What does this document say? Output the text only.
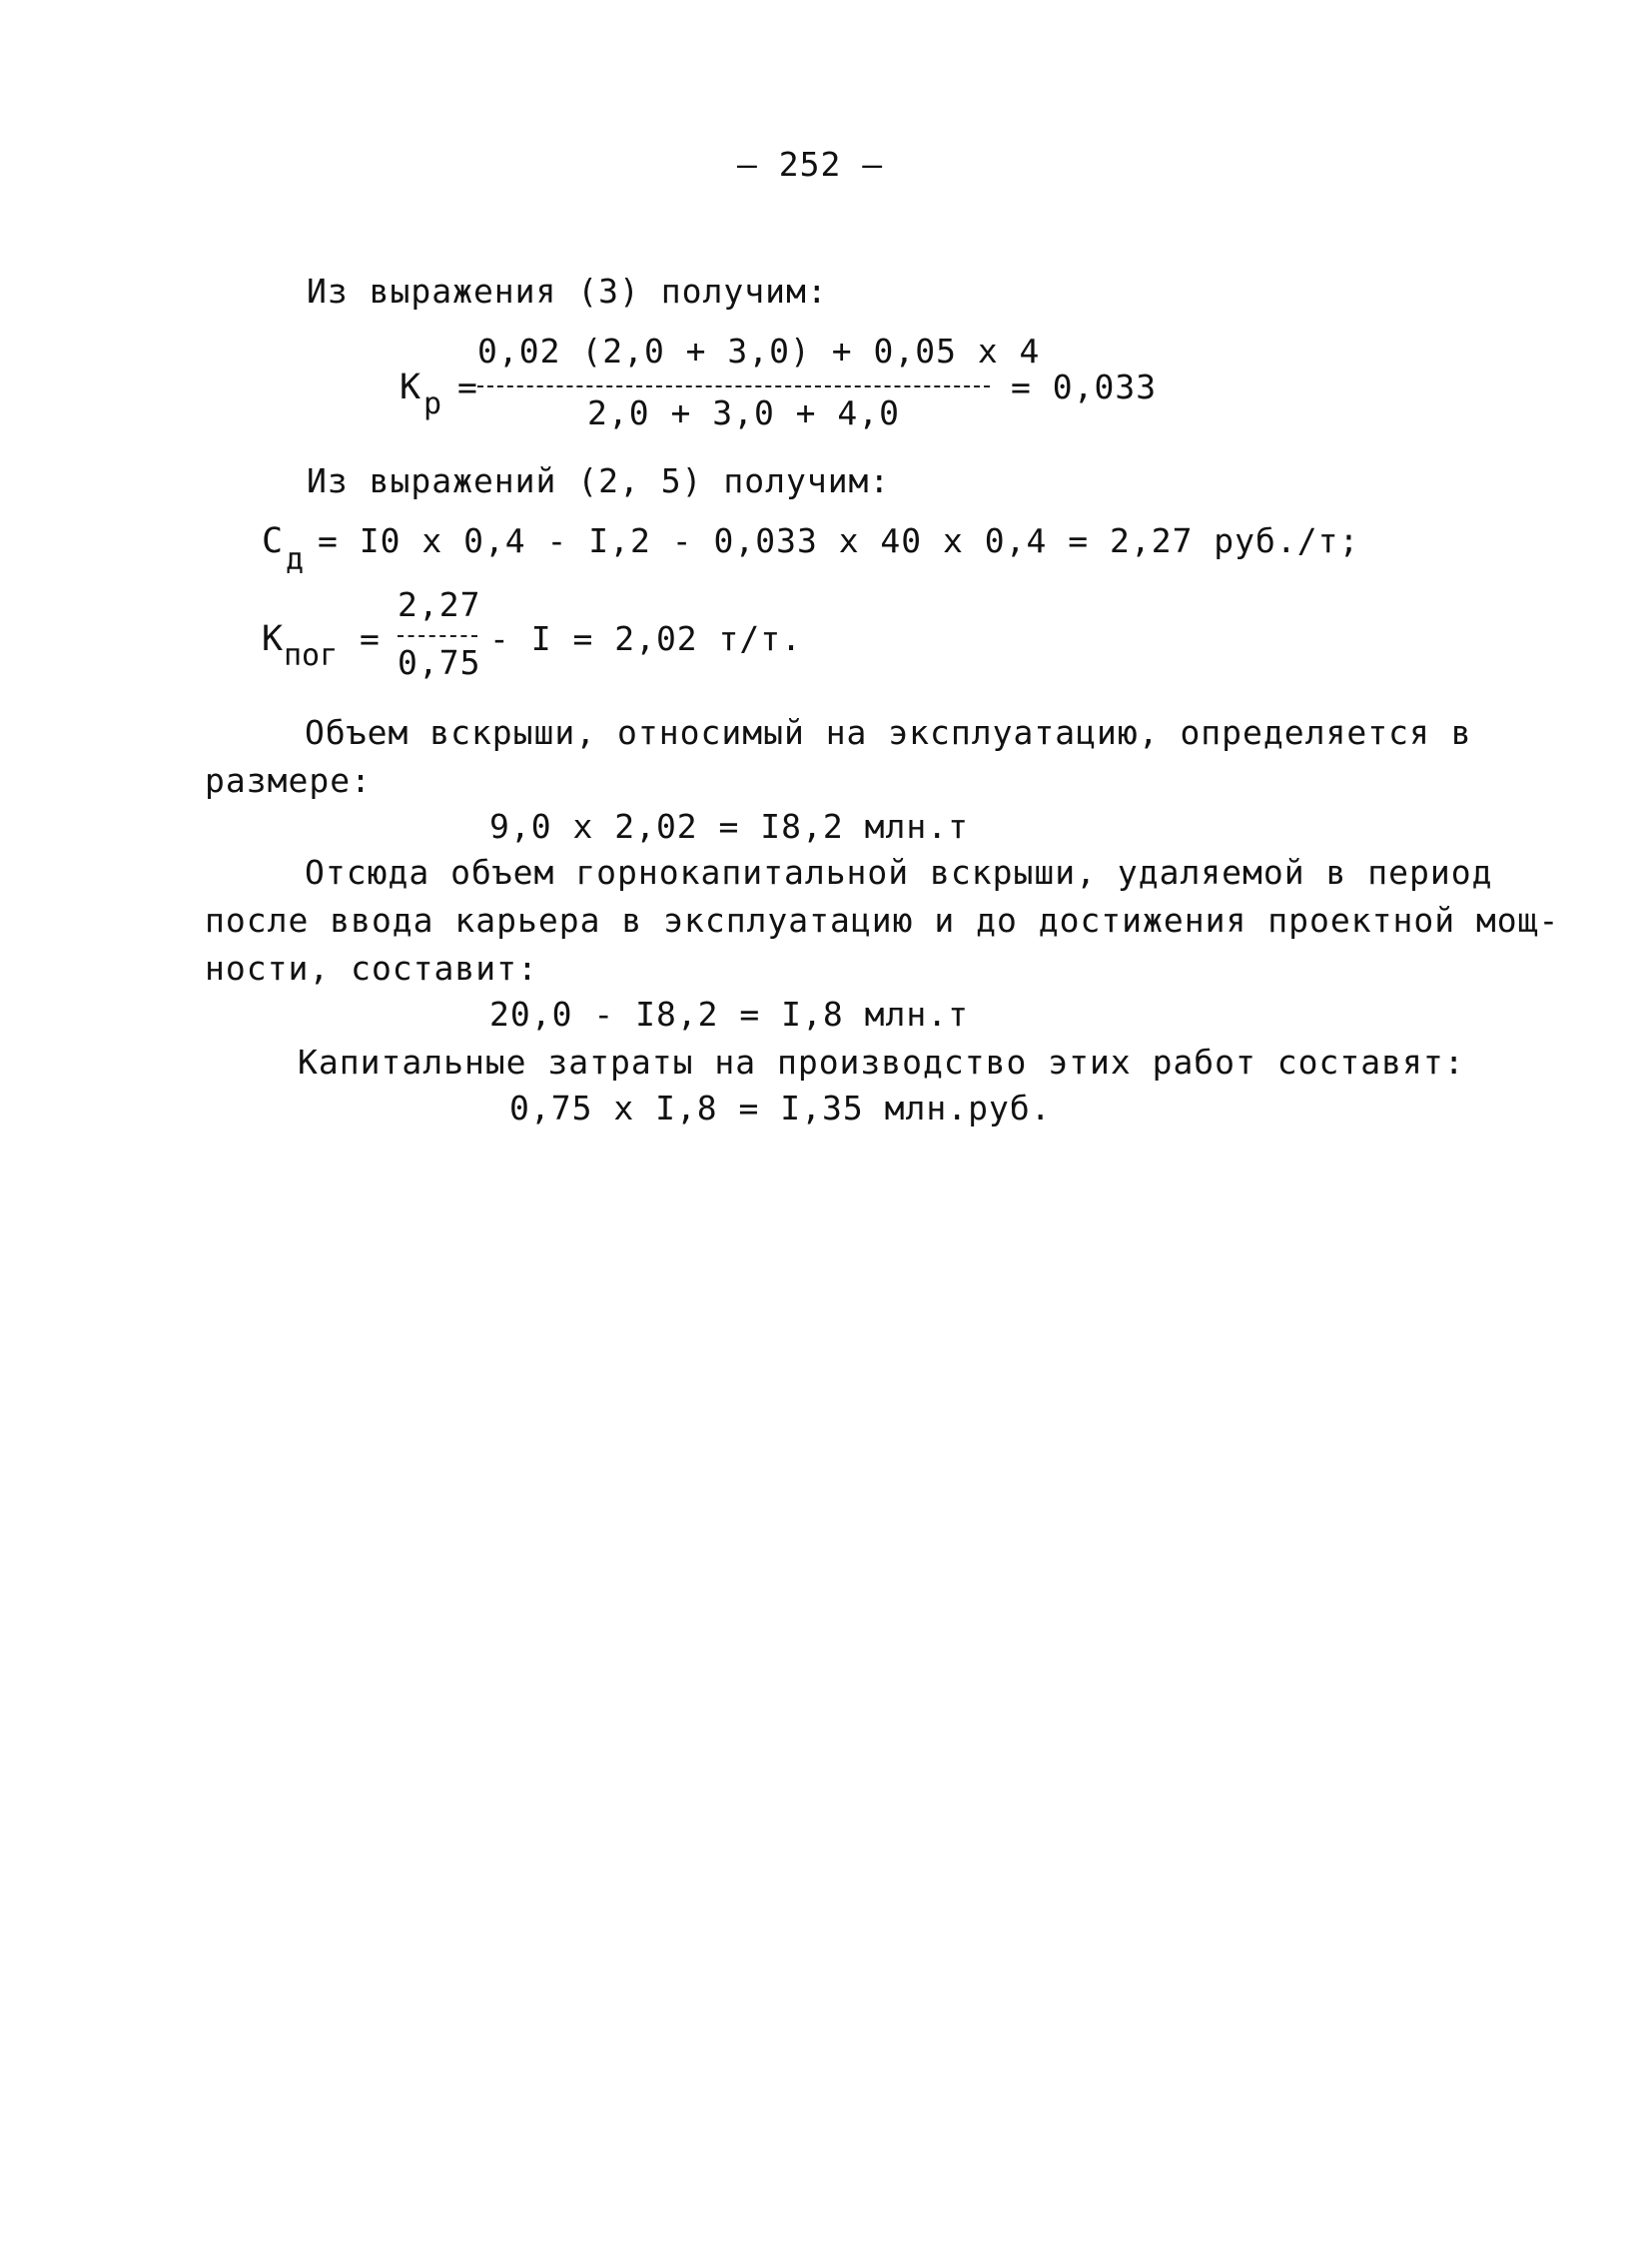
– 252 –
Из выражения (3) получим:
К р =
0,02 (2,0 + 3,0) + 0,05 x 4
2,0 + 3,0 + 4,0
= 0,033
Из выражений (2, 5) получим:
С д = I0 x 0,4 - I,2 - 0,033 x 40 x 0,4 = 2,27 руб./т;
К пог =
2,27
0,75
- I = 2,02 т/т.
Объем вскрыши, относимый на эксплуатацию, определяется в
размере:
9,0 x 2,02 = I8,2 млн.т
Отсюда объем горнокапитальной вскрыши, удаляемой в период
после ввода карьера в эксплуатацию и до достижения проектной мощ-
ности, составит:
20,0 - I8,2 = I,8 млн.т
Капитальные затраты на производство этих работ составят:
0,75 x I,8 = I,35 млн.руб.
